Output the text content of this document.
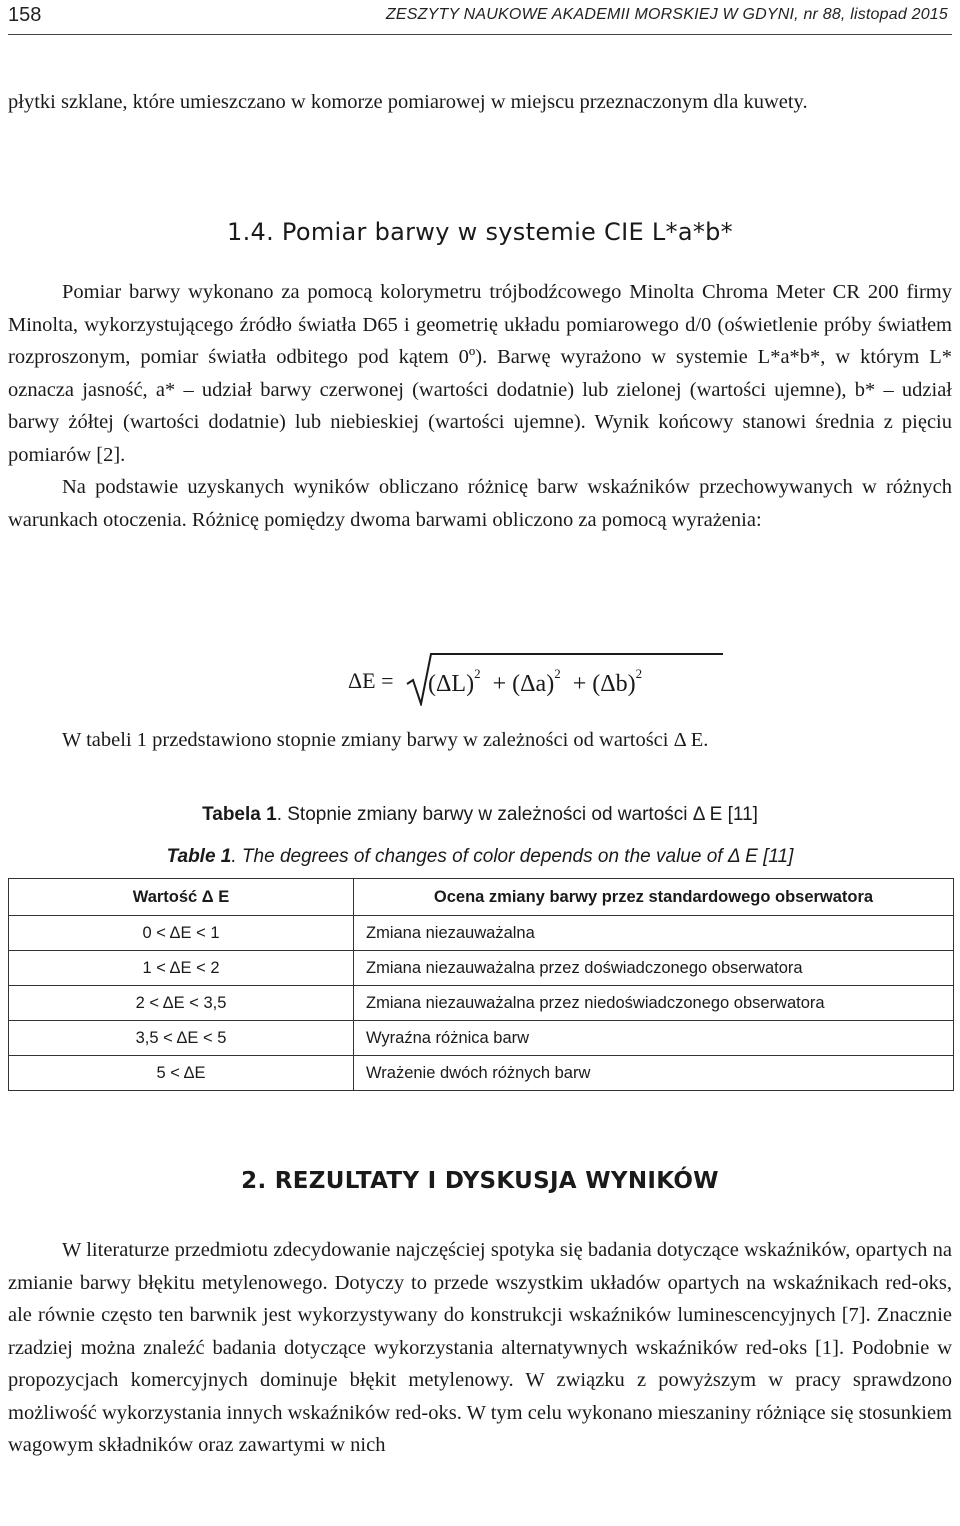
158	ZESZYTY NAUKOWE AKADEMII MORSKIEJ W GDYNI, nr 88, listopad 2015

płytki szklane, które umieszczano w komorze pomiarowej w miejscu przeznaczonym dla kuwety.

1.4. Pomiar barwy w systemie CIE L*a*b*

Pomiar barwy wykonano za pomocą kolorymetru trójbodźcowego Minolta Chroma Meter CR 200 firmy Minolta, wykorzystującego źródło światła D65 i geometrię układu pomiarowego d/0 (oświetlenie próby światłem rozproszonym, pomiar światła odbitego pod kątem 0º). Barwę wyrażono w systemie L*a*b*, w którym L* oznacza jasność, a* – udział barwy czerwonej (wartości dodatnie) lub zielonej (wartości ujemne), b* – udział barwy żółtej (wartości dodatnie) lub niebieskiej (wartości ujemne). Wynik końcowy stanowi średnia z pięciu pomiarów [2].

Na podstawie uzyskanych wyników obliczano różnicę barw wskaźników przechowywanych w różnych warunkach otoczenia. Różnicę pomiędzy dwoma barwami obliczono za pomocą wyrażenia:

$\Delta E = (\Delta L)^2 + (\Delta a)^2 + (\Delta b)^2$

W tabeli 1 przedstawiono stopnie zmiany barwy w zależności od wartości Δ E.

Tabela 1. Stopnie zmiany barwy w zależności od wartości Δ E [11]
Table 1. The degrees of changes of color depends on the value of Δ E [11]
Wartość Δ E	Ocena zmiany barwy przez standardowego obserwatora
0 < ΔE < 1	Zmiana niezauważalna
1 < ΔE < 2	Zmiana niezauważalna przez doświadczonego obserwatora
2 < ΔE < 3,5	Zmiana niezauważalna przez niedoświadczonego obserwatora
3,5 < ΔE < 5	Wyraźna różnica barw
5 < ΔE	Wrażenie dwóch różnych barw
2. REZULTATY I DYSKUSJA WYNIKÓW

W literaturze przedmiotu zdecydowanie najczęściej spotyka się badania dotyczące wskaźników, opartych na zmianie barwy błękitu metylenowego. Dotyczy to przede wszystkim układów opartych na wskaźnikach red-oks, ale równie często ten barwnik jest wykorzystywany do konstrukcji wskaźników luminescencyjnych [7]. Znacznie rzadziej można znaleźć badania dotyczące wykorzystania alternatywnych wskaźników red-oks [1]. Podobnie w propozycjach komercyjnych dominuje błękit metylenowy. W związku z powyższym w pracy sprawdzono możliwość wykorzystania innych wskaźników red-oks. W tym celu wykonano mieszaniny różniące się stosunkiem wagowym składników oraz zawartymi w nich
